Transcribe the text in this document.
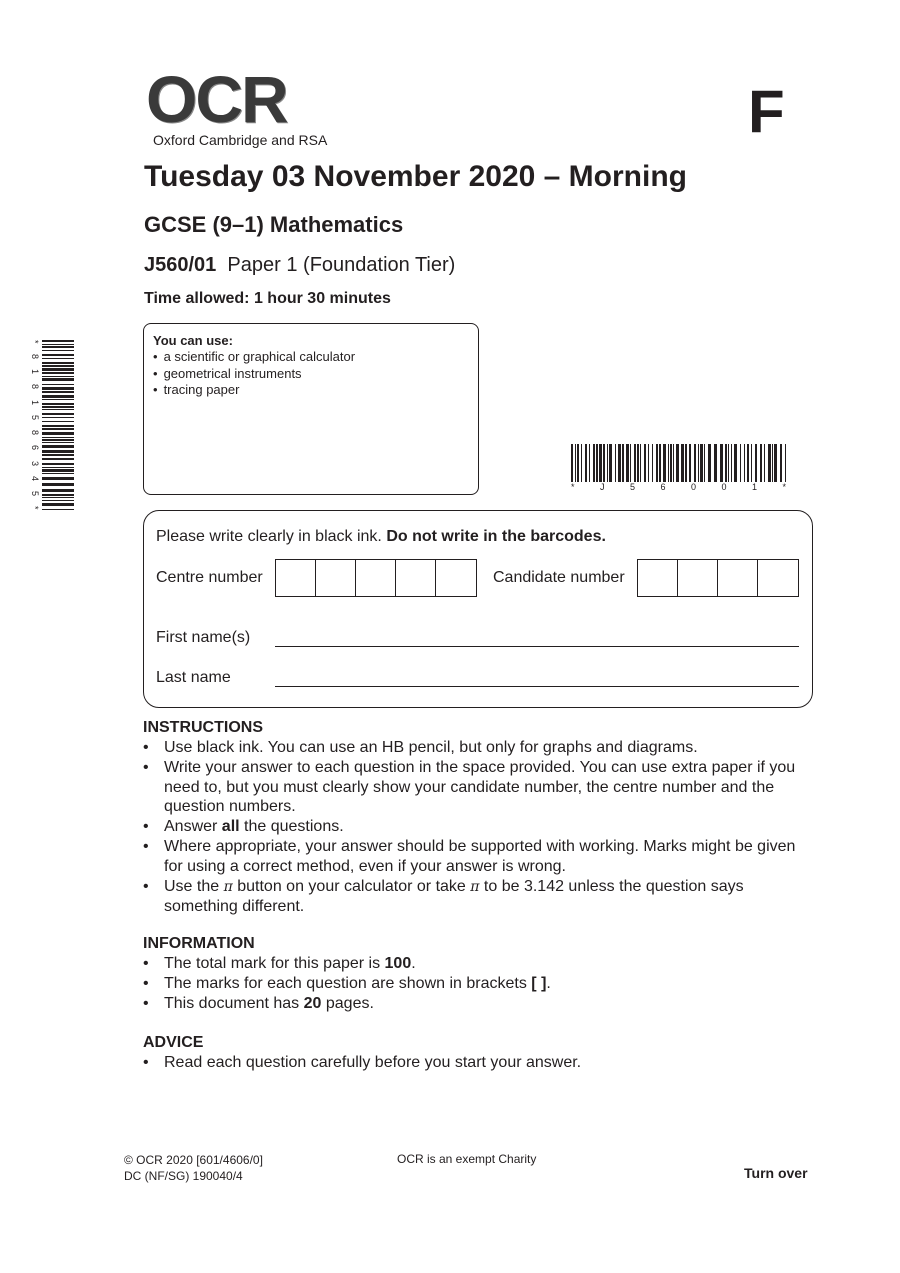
OCR
Oxford Cambridge and RSA	F
Tuesday 03 November 2020 – Morning
GCSE (9–1) Mathematics
J560/01 Paper 1 (Foundation Tier)
Time allowed: 1 hour 30 minutes
You can use:
• a scientific or graphical calculator
• geometrical instruments
• tracing paper
*	J	5	6	0	0	1	*
*
8
1
8
1
5
8
6
3
4
5
*
Please write clearly in black ink. Do not write in the barcodes.
Centre number	Candidate number
First name(s)
Last name
INSTRUCTIONS
• Use black ink. You can use an HB pencil, but only for graphs and diagrams.
• Write your answer to each question in the space provided. You can use extra paper if you need to, but you must clearly show your candidate number, the centre number and the question numbers.
• Answer all the questions.
• Where appropriate, your answer should be supported with working. Marks might be given for using a correct method, even if your answer is wrong.
• Use the π button on your calculator or take π to be 3.142 unless the question says something different.
INFORMATION
• The total mark for this paper is 100.
• The marks for each question are shown in brackets [ ].
• This document has 20 pages.
ADVICE
• Read each question carefully before you start your answer.
© OCR 2020 [601/4606/0]
DC (NF/SG) 190040/4
OCR is an exempt Charity
Turn over
